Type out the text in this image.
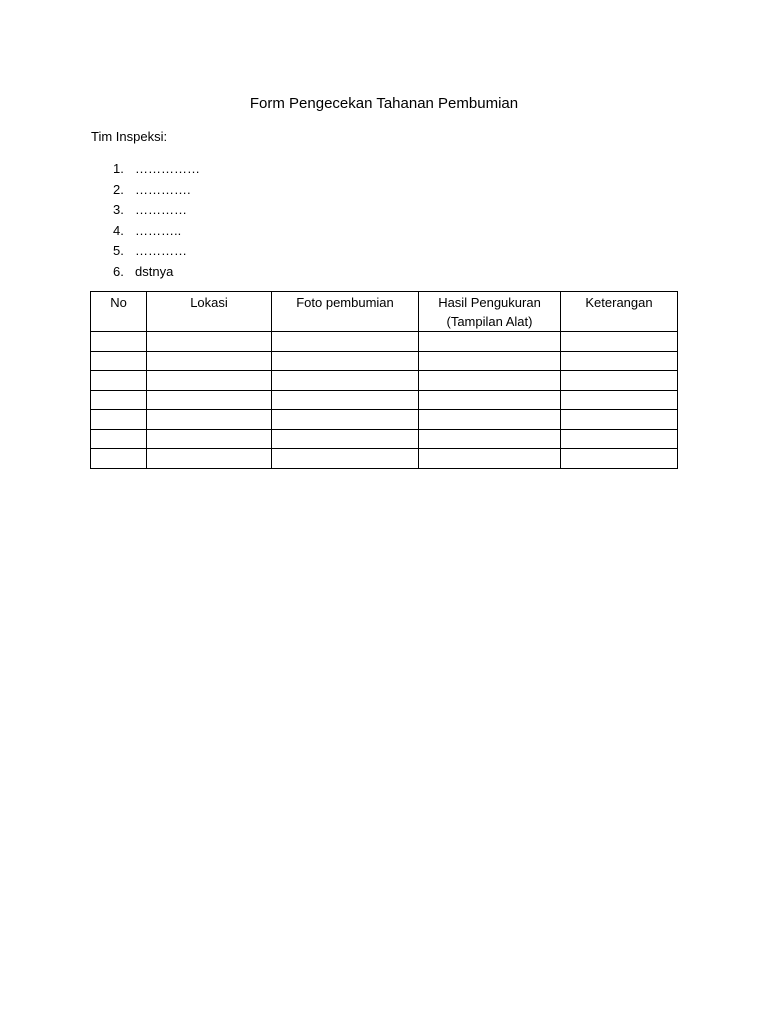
Form Pengecekan Tahanan Pembumian

Tim Inspeksi:

1. ……………
2. ………….
3. …………
4. ………..
5. …………
6. dstnya
No	Lokasi	Foto pembumian	Hasil Pengukuran (Tampilan Alat)	Keterangan
